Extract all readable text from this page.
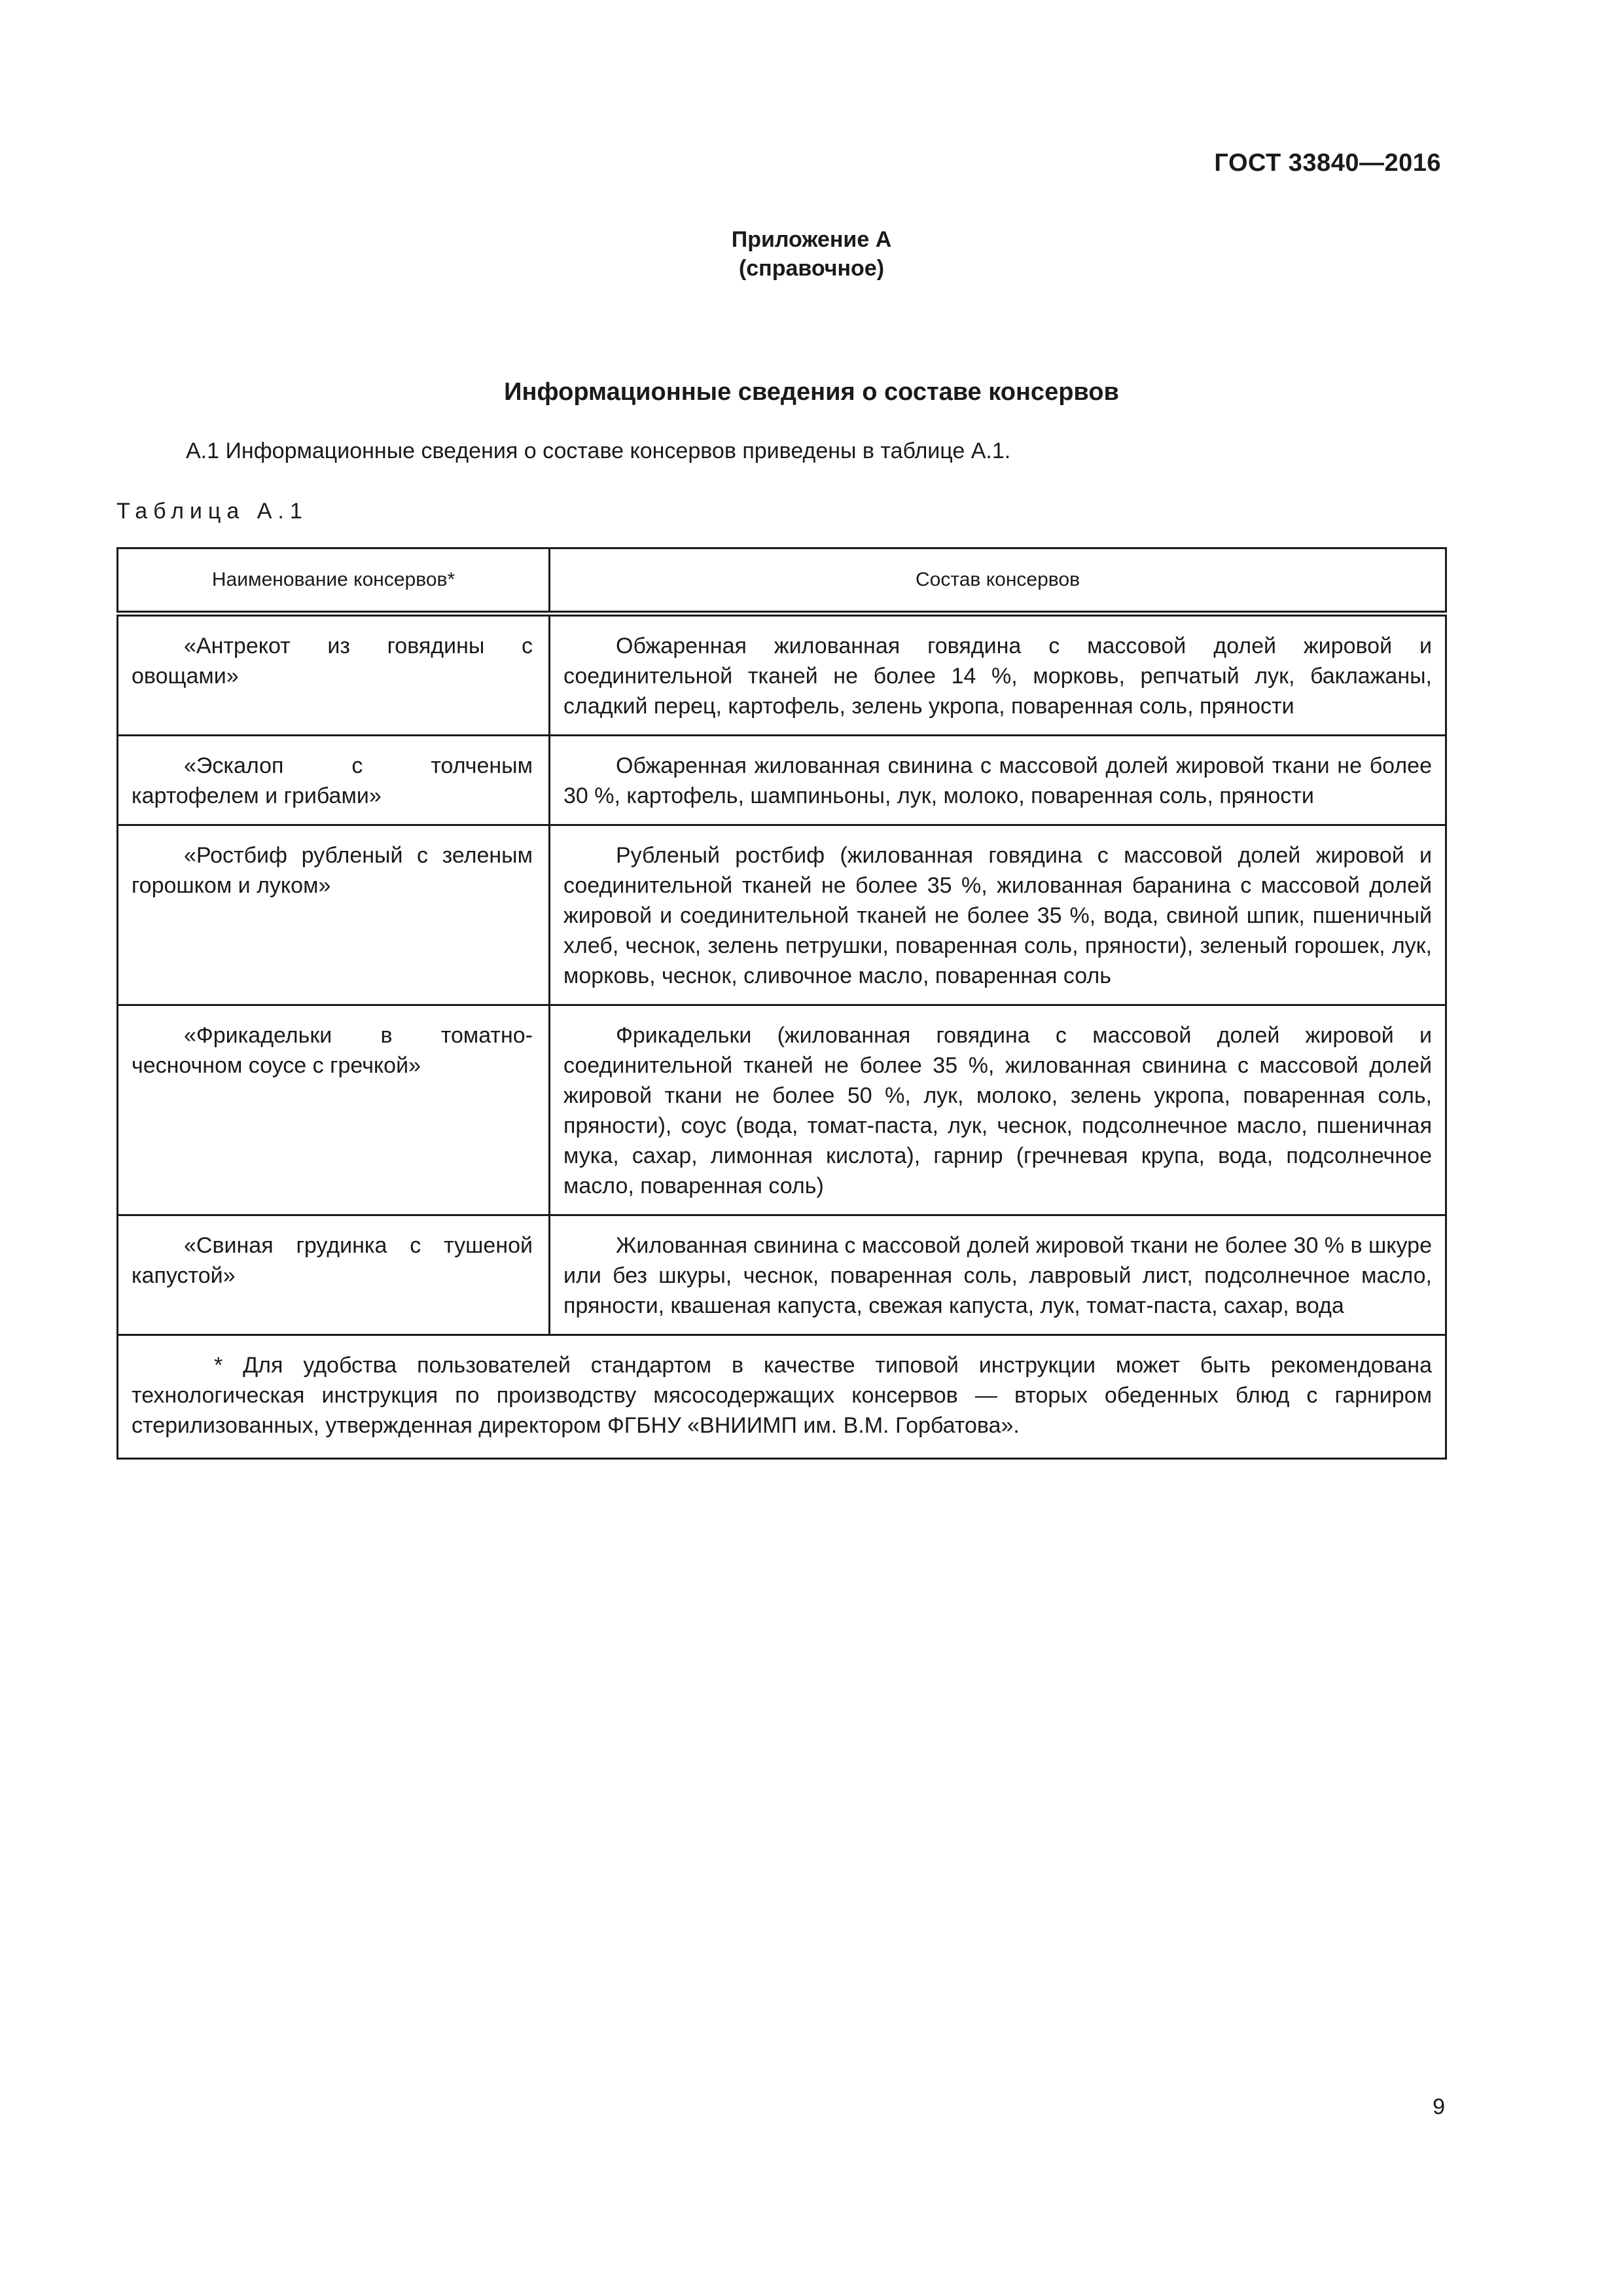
ГОСТ 33840—2016
Приложение А
(справочное)
Информационные сведения о составе консервов
А.1 Информационные сведения о составе консервов приведены в таблице А.1.
Таблица А.1
Наименование консервов*	Состав консервов
«Антрекот из говядины с овощами»	Обжаренная жилованная говядина с массовой долей жировой и соединительной тканей не более 14 %, морковь, репчатый лук, баклажаны, сладкий перец, картофель, зелень укропа, поваренная соль, пряности
«Эскалоп с толченым картофелем и грибами»	Обжаренная жилованная свинина с массовой долей жировой ткани не более 30 %, картофель, шампиньоны, лук, молоко, поваренная соль, пряности
«Ростбиф рубленый с зеленым горошком и луком»	Рубленый ростбиф (жилованная говядина с массовой долей жировой и соединительной тканей не более 35 %, жилованная баранина с массовой долей жировой и соединительной тканей не более 35 %, вода, свиной шпик, пшеничный хлеб, чеснок, зелень петрушки, поваренная соль, пряности), зеленый горошек, лук, морковь, чеснок, сливочное масло, поваренная соль
«Фрикадельки в томатно-чесночном соусе с гречкой»	Фрикадельки (жилованная говядина с массовой долей жировой и соединительной тканей не более 35 %, жилованная свинина с массовой долей жировой ткани не более 50 %, лук, молоко, зелень укропа, поваренная соль, пряности), соус (вода, томат-паста, лук, чеснок, подсолнечное масло, пшеничная мука, сахар, лимонная кислота), гарнир (гречневая крупа, вода, подсолнечное масло, поваренная соль)
«Свиная грудинка с тушеной капустой»	Жилованная свинина с массовой долей жировой ткани не более 30 % в шкуре или без шкуры, чеснок, поваренная соль, лавровый лист, подсолнечное масло, пряности, квашеная капуста, свежая капуста, лук, томат-паста, сахар, вода
* Для удобства пользователей стандартом в качестве типовой инструкции может быть рекомендована технологическая инструкция по производству мясосодержащих консервов — вторых обеденных блюд с гарниром стерилизованных, утвержденная директором ФГБНУ «ВНИИМП им. В.М. Горбатова».	
9
